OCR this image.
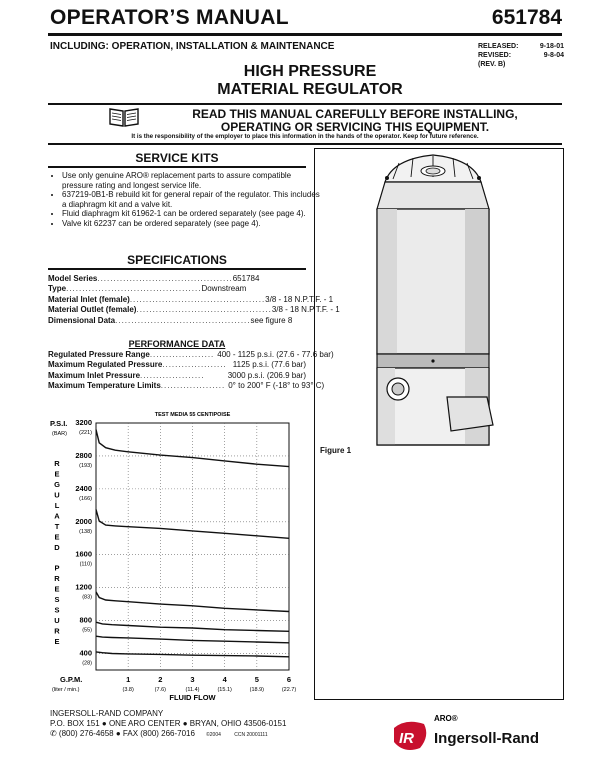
OPERATOR’S MANUAL	651784
INCLUDING: OPERATION, INSTALLATION & MAINTENANCE	RELEASED:	9-18-01
REVISED:	9-8-04
(REV. B)
HIGH PRESSURE
MATERIAL REGULATOR
READ THIS MANUAL CAREFULLY BEFORE INSTALLING,
OPERATING OR SERVICING THIS EQUIPMENT.
It is the responsibility of the employer to place this information in the hands of the operator. Keep for future reference.
SERVICE KITS
• Use only genuine ARO® replacement parts to assure compatible pressure rating and longest service life.
• 637219-0B1-B rebuild kit for general repair of the regulator. This includes a diaphragm kit and a valve kit.
• Fluid diaphragm kit 61962-1 can be ordered separately (see page 4).
• Valve kit 62237 can be ordered separately (see page 4).
SPECIFICATIONS
Model Series .......................................... 651784
Type .......................................... Downstream
Material Inlet (female) .......................................... 3/8 - 18 N.P.T.F. - 1
Material Outlet (female) .......................................... 3/8 - 18 N.P.T.F. - 1
Dimensional Data .......................................... see figure 8
PERFORMANCE DATA
Regulated Pressure Range .................... 400 - 1125 p.s.i. (27.6 - 77.6 bar)
Maximum Regulated Pressure .................... 1125 p.s.i. (77.6 bar)
Maximum Inlet Pressure ....................	3000 p.s.i. (206.9 bar)
Maximum Temperature Limits .................... 0° to 200° F (-18° to 93° C)
TEST MEDIA 55 CENTIPOISE
3200
(221)
2800
(193)
2400
(166)
2000
(138)
1600
(110)
1200
(83)
800
(55)
400
(28)
1
(3.8)
2
(7.6)
3
(11.4)
4
(15.1)
5
(18.9)
6
(22.7)
P.S.I.
(BAR)
G.P.M.
(liter / min.)
FLUID FLOW
R
E
G
U
L
A
T
E
D
P
R
E
S
S
U
R
E
Figure 1
INGERSOLL-RAND COMPANY
P.O. BOX 151 ● ONE ARO CENTER ● BRYAN, OHIO 43506-0151
✆ (800) 276-4658 ● FAX (800) 266-7016 ©2004	CCN 20001111
ARO®
IR Ingersoll-Rand
